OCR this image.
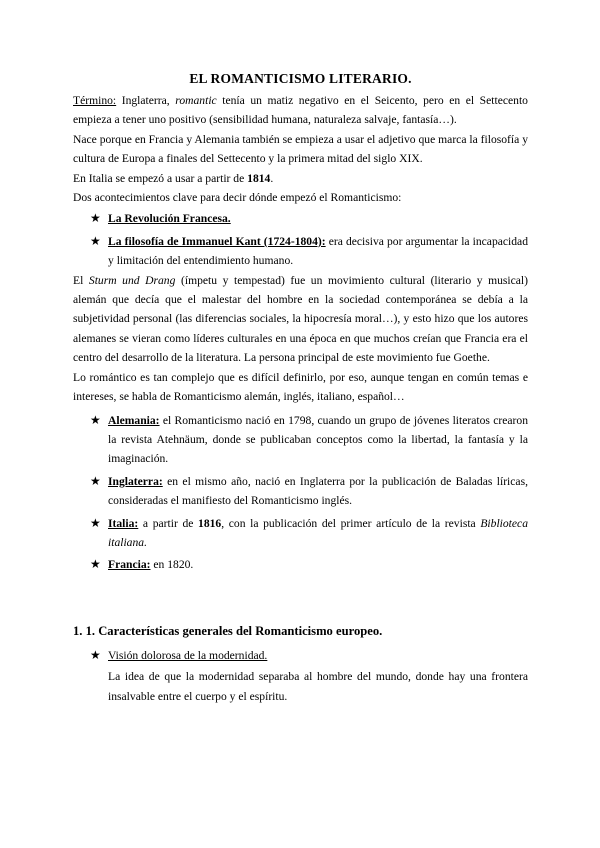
EL ROMANTICISMO LITERARIO.

Término: Inglaterra, romantic tenía un matiz negativo en el Seicento, pero en el Settecento empieza a tener uno positivo (sensibilidad humana, naturaleza salvaje, fantasía…).

Nace porque en Francia y Alemania también se empieza a usar el adjetivo que marca la filosofía y cultura de Europa a finales del Settecento y la primera mitad del siglo XIX.

En Italia se empezó a usar a partir de 1814.

Dos acontecimientos clave para decir dónde empezó el Romanticismo:

★ La Revolución Francesa.
★ La filosofía de Immanuel Kant (1724-1804): era decisiva por argumentar la incapacidad y limitación del entendimiento humano.

El Sturm und Drang (ímpetu y tempestad) fue un movimiento cultural (literario y musical) alemán que decía que el malestar del hombre en la sociedad contemporánea se debía a la subjetividad personal (las diferencias sociales, la hipocresía moral…), y esto hizo que los autores alemanes se vieran como líderes culturales en una época en que muchos creían que Francia era el centro del desarrollo de la literatura. La persona principal de este movimiento fue Goethe.

Lo romántico es tan complejo que es difícil definirlo, por eso, aunque tengan en común temas e intereses, se habla de Romanticismo alemán, inglés, italiano, español…

★ Alemania: el Romanticismo nació en 1798, cuando un grupo de jóvenes literatos crearon la revista Atehnäum, donde se publicaban conceptos como la libertad, la fantasía y la imaginación.
★ Inglaterra: en el mismo año, nació en Inglaterra por la publicación de Baladas líricas, consideradas el manifiesto del Romanticismo inglés.
★ Italia: a partir de 1816, con la publicación del primer artículo de la revista Biblioteca italiana.
★ Francia: en 1820.
1. 1. Características generales del Romanticismo europeo.
★ Visión dolorosa de la modernidad.

La idea de que la modernidad separaba al hombre del mundo, donde hay una frontera insalvable entre el cuerpo y el espíritu.
